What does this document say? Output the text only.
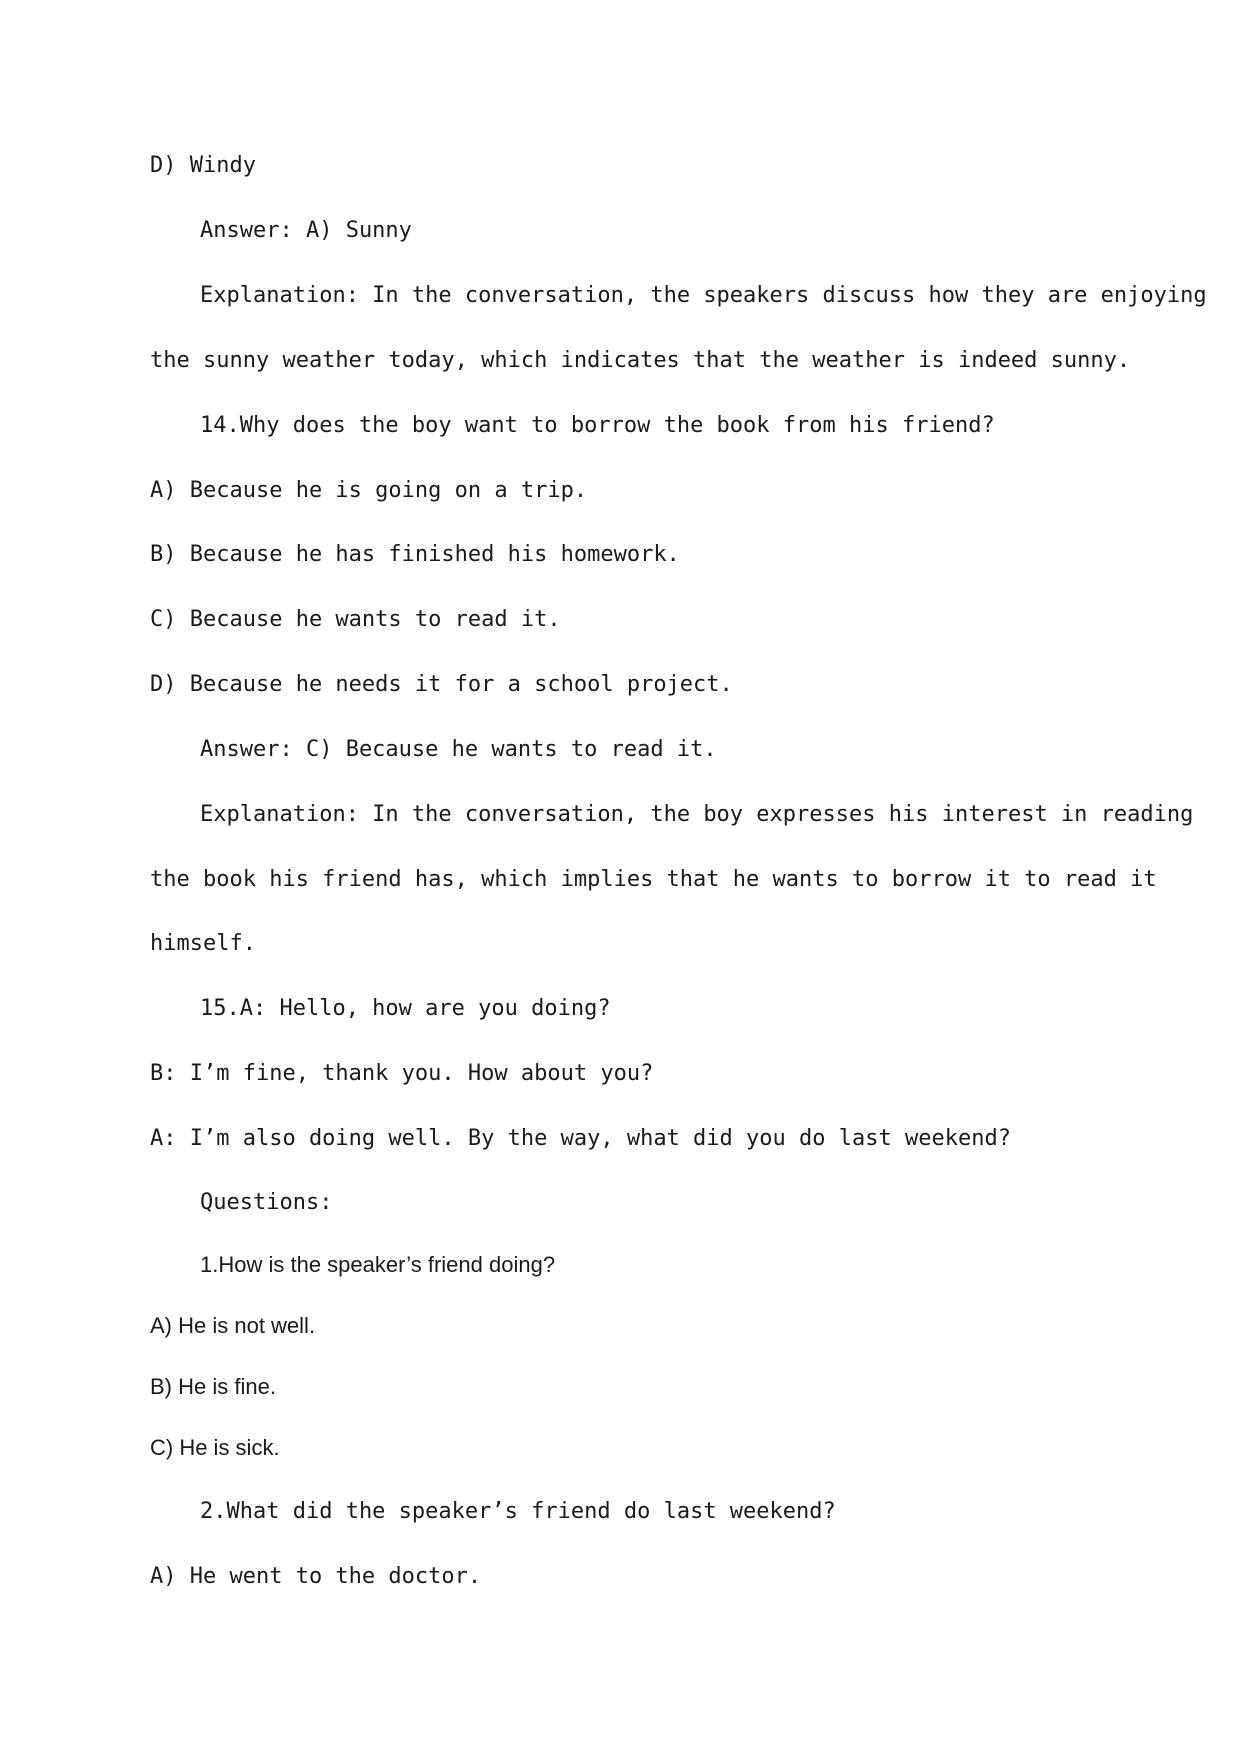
D) Windy
Answer: A) Sunny
Explanation: In the conversation, the speakers discuss how they are enjoying
the sunny weather today, which indicates that the weather is indeed sunny.
14.Why does the boy want to borrow the book from his friend?
A) Because he is going on a trip.
B) Because he has finished his homework.
C) Because he wants to read it.
D) Because he needs it for a school project.
Answer: C) Because he wants to read it.
Explanation: In the conversation, the boy expresses his interest in reading
the book his friend has, which implies that he wants to borrow it to read it
himself.
15.A: Hello, how are you doing?
B: I’m fine, thank you. How about you?
A: I’m also doing well. By the way, what did you do last weekend?
Questions:
1.How is the speaker’s friend doing?
A) He is not well.
B) He is fine.
C) He is sick.
2.What did the speaker’s friend do last weekend?
A) He went to the doctor.
